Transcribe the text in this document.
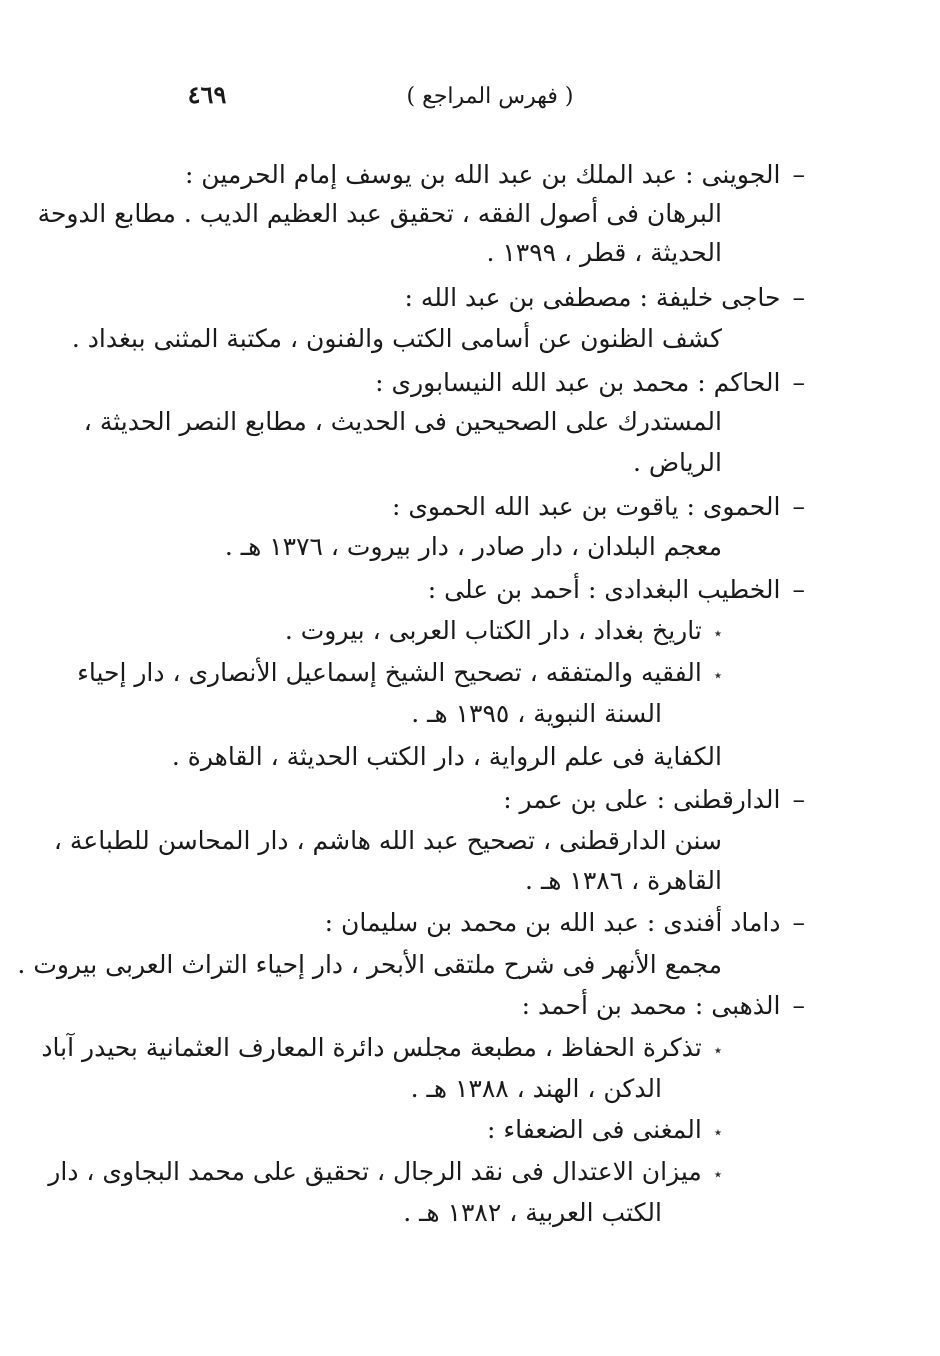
( فهرس المراجع )
٤٦٩
–الجوينى : عبد الملك بن عبد الله بن يوسف إمام الحرمين :
البرهان فى أصول الفقه ، تحقيق عبد العظيم الديب . مطابع الدوحة
الحديثة ، قطر ، ١٣٩٩ .
–حاجى خليفة : مصطفى بن عبد الله :
كشف الظنون عن أسامى الكتب والفنون ، مكتبة المثنى ببغداد .
–الحاكم : محمد بن عبد الله النيسابورى :
المستدرك على الصحيحين فى الحديث ، مطابع النصر الحديثة ،
الرياض .
–الحموى : ياقوت بن عبد الله الحموى :
معجم البلدان ، دار صادر ، دار بيروت ، ١٣٧٦ هـ .
–الخطيب البغدادى : أحمد بن على :
٭تاريخ بغداد ، دار الكتاب العربى ، بيروت .
٭الفقيه والمتفقه ، تصحيح الشيخ إسماعيل الأنصارى ، دار إحياء
السنة النبوية ، ١٣٩٥ هـ .
الكفاية فى علم الرواية ، دار الكتب الحديثة ، القاهرة .
–الدارقطنى : على بن عمر :
سنن الدارقطنى ، تصحيح عبد الله هاشم ، دار المحاسن للطباعة ،
القاهرة ، ١٣٨٦ هـ .
–داماد أفندى : عبد الله بن محمد بن سليمان :
مجمع الأنهر فى شرح ملتقى الأبحر ، دار إحياء التراث العربى بيروت .
–الذهبى : محمد بن أحمد :
٭تذكرة الحفاظ ، مطبعة مجلس دائرة المعارف العثمانية بحيدر آباد
الدكن ، الهند ، ١٣٨٨ هـ .
٭المغنى فى الضعفاء :
٭ميزان الاعتدال فى نقد الرجال ، تحقيق على محمد البجاوى ، دار
الكتب العربية ، ١٣٨٢ هـ .
